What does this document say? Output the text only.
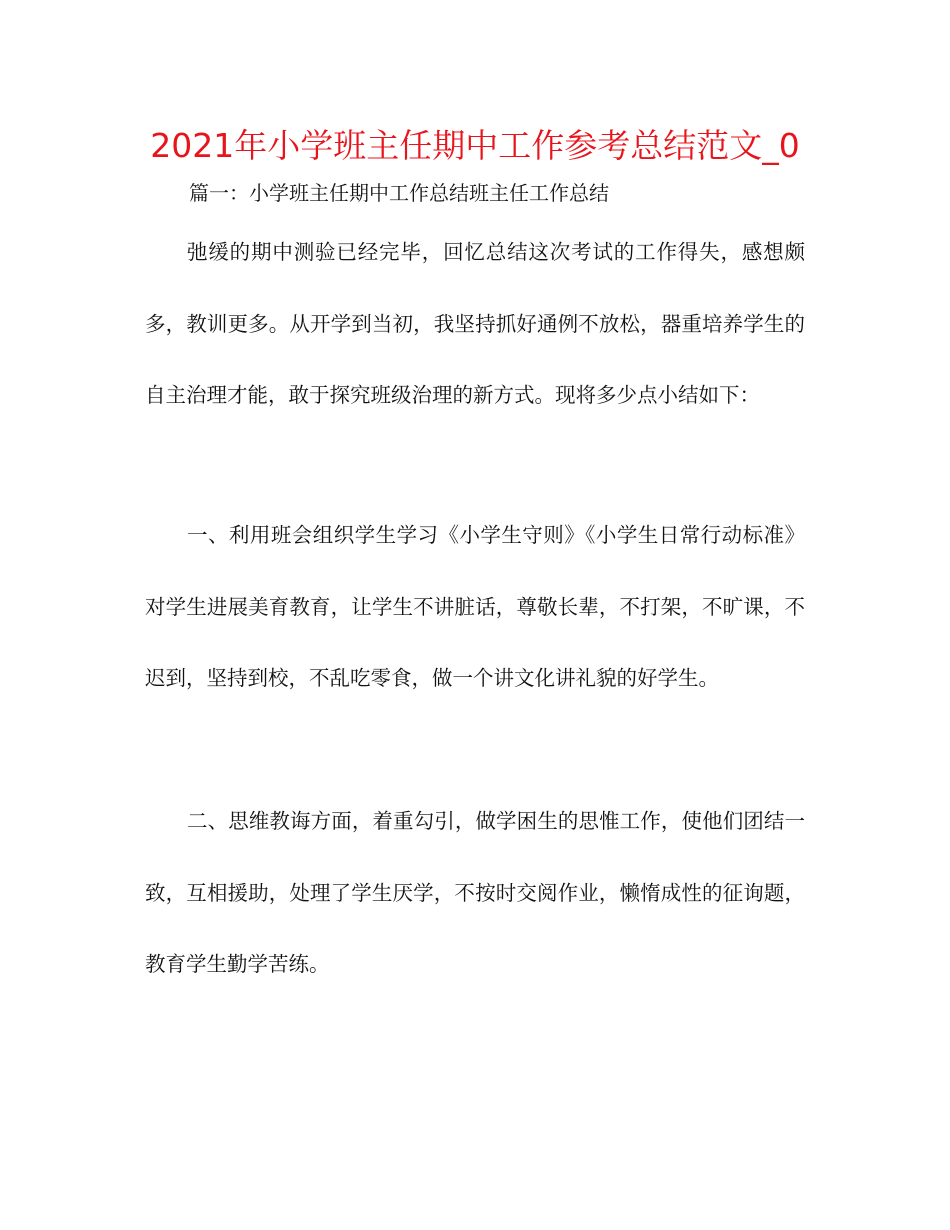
2021年小学班主任期中工作参考总结范文_0
篇一：小学班主任期中工作总结班主任工作总结

弛缓的期中测验已经完毕，回忆总结这次考试的工作得失，感想颇多，教训更多。从开学到当初，我坚持抓好通例不放松，器重培养学生的自主治理才能，敢于探究班级治理的新方式。现将多少点小结如下：

一、利用班会组织学生学习《小学生守则》《小学生日常行动标准》对学生进展美育教育，让学生不讲脏话，尊敬长辈，不打架，不旷课，不迟到，坚持到校，不乱吃零食，做一个讲文化讲礼貌的好学生。

二、思维教诲方面，着重勾引，做学困生的思惟工作，使他们团结一致，互相援助，处理了学生厌学，不按时交阅作业，懒惰成性的征询题，教育学生勤学苦练。
